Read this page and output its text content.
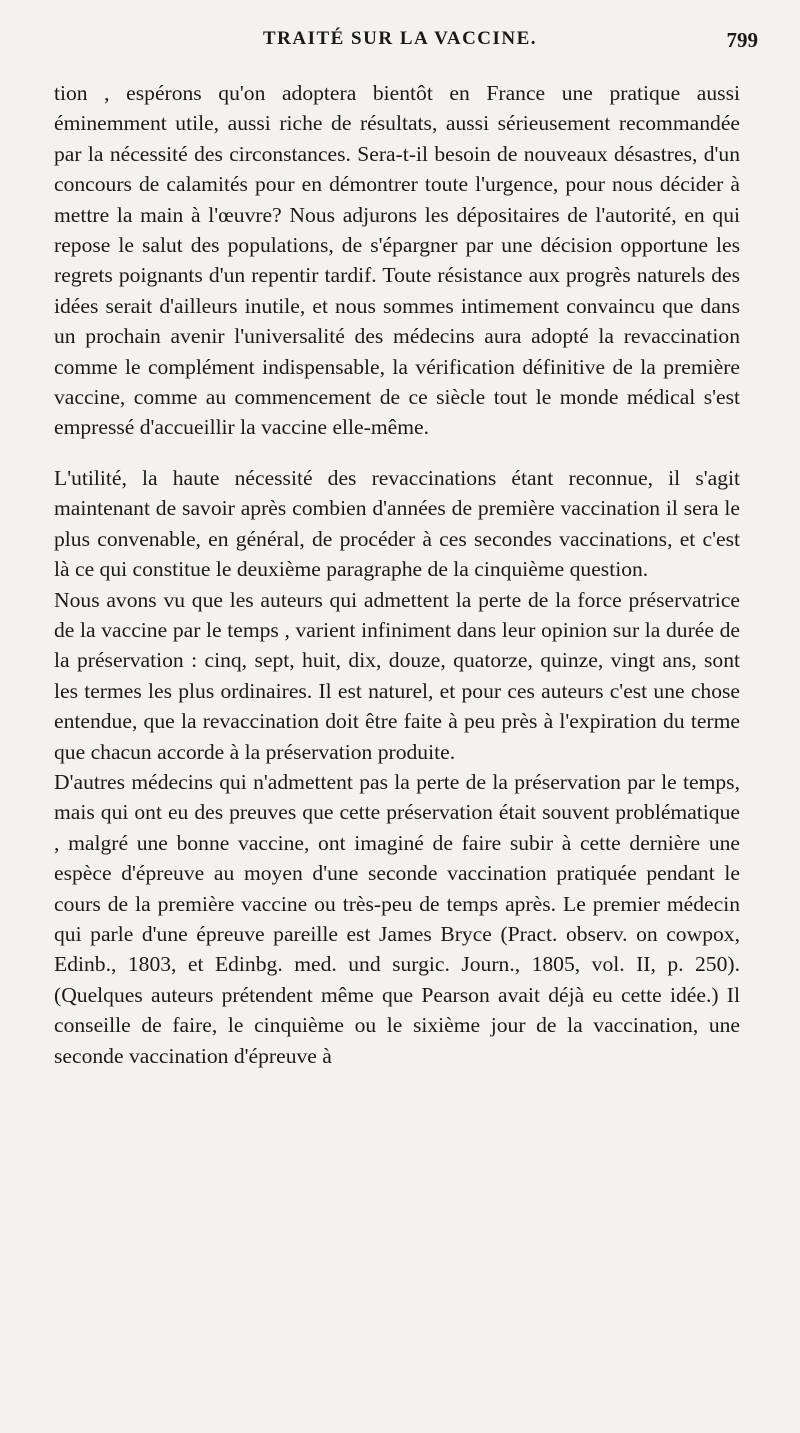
TRAITÉ SUR LA VACCINE.	799

tion , espérons qu'on adoptera bientôt en France une pratique aussi éminemment utile, aussi riche de résultats, aussi sérieusement recommandée par la nécessité des circonstances. Sera-t-il besoin de nouveaux désastres, d'un concours de calamités pour en démontrer toute l'urgence, pour nous décider à mettre la main à l'œuvre? Nous adjurons les dépositaires de l'autorité, en qui repose le salut des populations, de s'épargner par une décision opportune les regrets poignants d'un repentir tardif. Toute résistance aux progrès naturels des idées serait d'ailleurs inutile, et nous sommes intimement convaincu que dans un prochain avenir l'universalité des médecins aura adopté la revaccination comme le complément indispensable, la vérification définitive de la première vaccine, comme au commencement de ce siècle tout le monde médical s'est empressé d'accueillir la vaccine elle-même.

L'utilité, la haute nécessité des revaccinations étant reconnue, il s'agit maintenant de savoir après combien d'années de première vaccination il sera le plus convenable, en général, de procéder à ces secondes vaccinations, et c'est là ce qui constitue le deuxième paragraphe de la cinquième question.

Nous avons vu que les auteurs qui admettent la perte de la force préservatrice de la vaccine par le temps , varient infiniment dans leur opinion sur la durée de la préservation : cinq, sept, huit, dix, douze, quatorze, quinze, vingt ans, sont les termes les plus ordinaires. Il est naturel, et pour ces auteurs c'est une chose entendue, que la revaccination doit être faite à peu près à l'expiration du terme que chacun accorde à la préservation produite.

D'autres médecins qui n'admettent pas la perte de la préservation par le temps, mais qui ont eu des preuves que cette préservation était souvent problématique , malgré une bonne vaccine, ont imaginé de faire subir à cette dernière une espèce d'épreuve au moyen d'une seconde vaccination pratiquée pendant le cours de la première vaccine ou très-peu de temps après. Le premier médecin qui parle d'une épreuve pareille est James Bryce (Pract. observ. on cowpox, Edinb., 1803, et Edinbg. med. und surgic. Journ., 1805, vol. II, p. 250). (Quelques auteurs prétendent même que Pearson avait déjà eu cette idée.) Il conseille de faire, le cinquième ou le sixième jour de la vaccination, une seconde vaccination d'épreuve à
